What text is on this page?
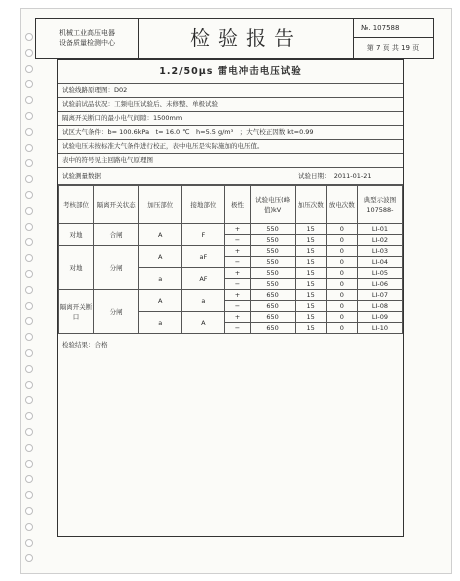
机械工业高压电器
设备质量检测中心	检验报告	№. 107588
第 7 页 共 19 页
1.2/50μs 雷电冲击电压试验
试验线路原理图：D02
试验前试品状况：工频电压试验后、未修整、单极试验
隔离开关断口的最小电气间隙：1500mm
试区大气条件：b= 100.6kPa　t= 16.0 ℃　h=5.5 g/m³　；大气校正因数 kt=0.99
试验电压未按标准大气条件进行校正，表中电压是实际施加的电压值。
表中的符号见主回路电气原理图
试验测量数据	试验日期：　2011-01-21
考核部位	隔离开关状态	加压部位	接地部位	极性	试验电压(峰值)kV	加压次数	放电次数	典型示波图107588-
对地	合闸	A	F	+	550	15	0	LI-01
				−	550	15	0	LI-02
对地	分闸	A	aF	+	550	15	0	LI-03
				−	550	15	0	LI-04
		a	AF	+	550	15	0	LI-05
				−	550	15	0	LI-06
隔离开关断口	分闸	A	a	+	650	15	0	LI-07
				−	650	15	0	LI-08
		a	A	+	650	15	0	LI-09
				−	650	15	0	LI-10
检验结果：合格
